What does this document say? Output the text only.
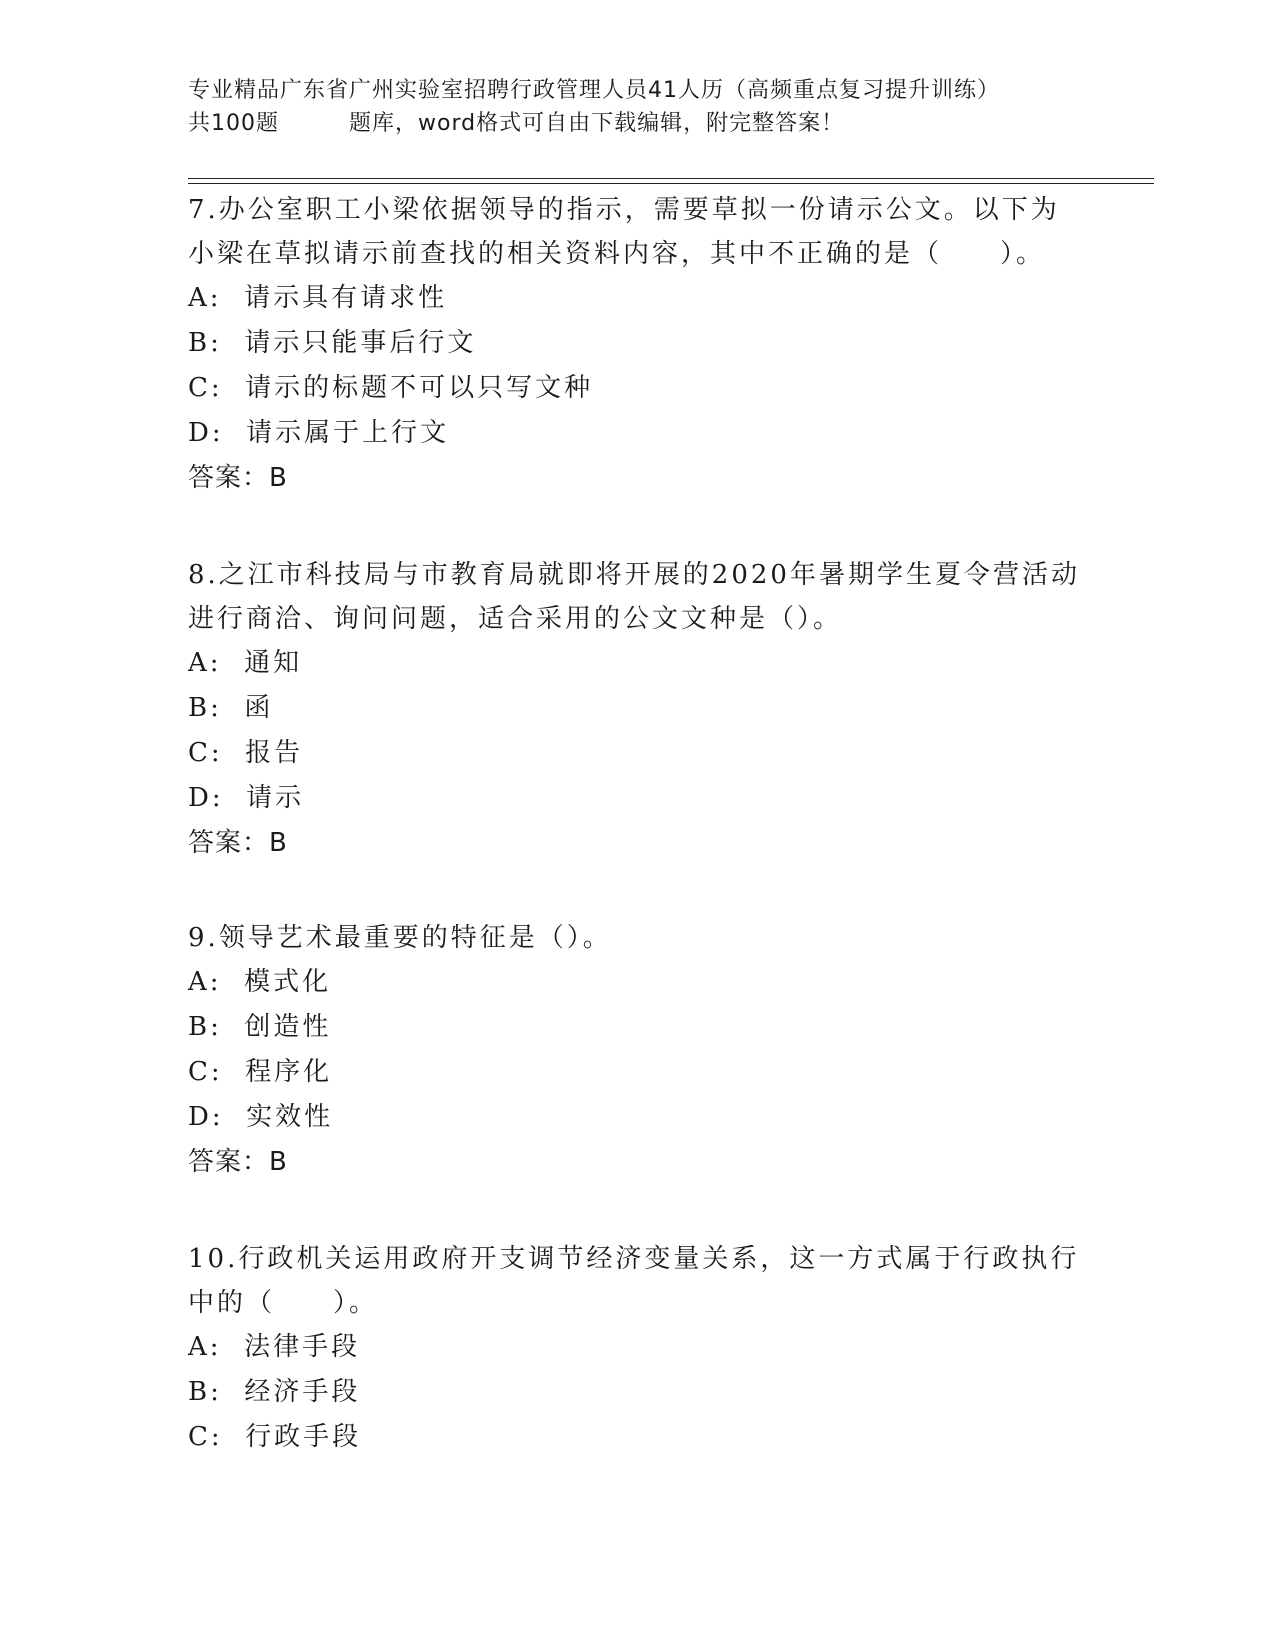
专业精品广东省广州实验室招聘行政管理人员41人历（高频重点复习提升训练）
共100题	题库，word格式可自由下载编辑，附完整答案！

7.办公室职工小梁依据领导的指示，需要草拟一份请示公文。以下为小梁在草拟请示前查找的相关资料内容，其中不正确的是（　　）。

A:  请示具有请求性

B:  请示只能事后行文

C:  请示的标题不可以只写文种

D:  请示属于上行文

答案：B

8.之江市科技局与市教育局就即将开展的2020年暑期学生夏令营活动进行商洽、询问问题，适合采用的公文文种是（）。

A:  通知

B:  函

C:  报告

D:  请示

答案：B

9.领导艺术最重要的特征是（）。

A:  模式化

B:  创造性

C:  程序化

D:  实效性

答案：B

10.行政机关运用政府开支调节经济变量关系，这一方式属于行政执行中的（　　）。

A:  法律手段

B:  经济手段

C:  行政手段
